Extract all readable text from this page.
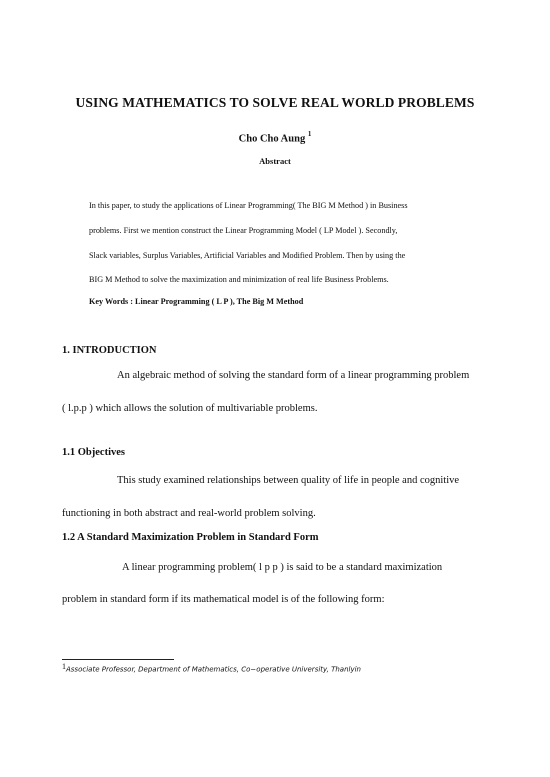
USING MATHEMATICS TO SOLVE REAL WORLD PROBLEMS
Cho Cho Aung $^1$
Abstract
In this paper, to study the applications of Linear Programming( The BIG M Method ) in Business
problems. First we mention construct the Linear Programming Model ( LP Model ). Secondly,
Slack variables, Surplus Variables, Artificial Variables and Modified Problem. Then by using the
BIG M Method to solve the maximization and minimization of real life Business Problems.
Key Words : Linear Programming ( L P ), The Big M Method
1. INTRODUCTION
An algebraic method of solving the standard form of a linear programming problem
( l.p.p ) which allows the solution of multivariable problems.
1.1 Objectives
This study examined relationships between quality of life in people and cognitive
functioning in both abstract and real-world problem solving.
1.2 A Standard Maximization Problem in Standard Form
A linear programming problem( l p p ) is said to be a standard maximization
problem in standard form if its mathematical model is of the following form:
$^1$Associate Professor, Department of Mathematics, Co−operative University, Thanlyin
